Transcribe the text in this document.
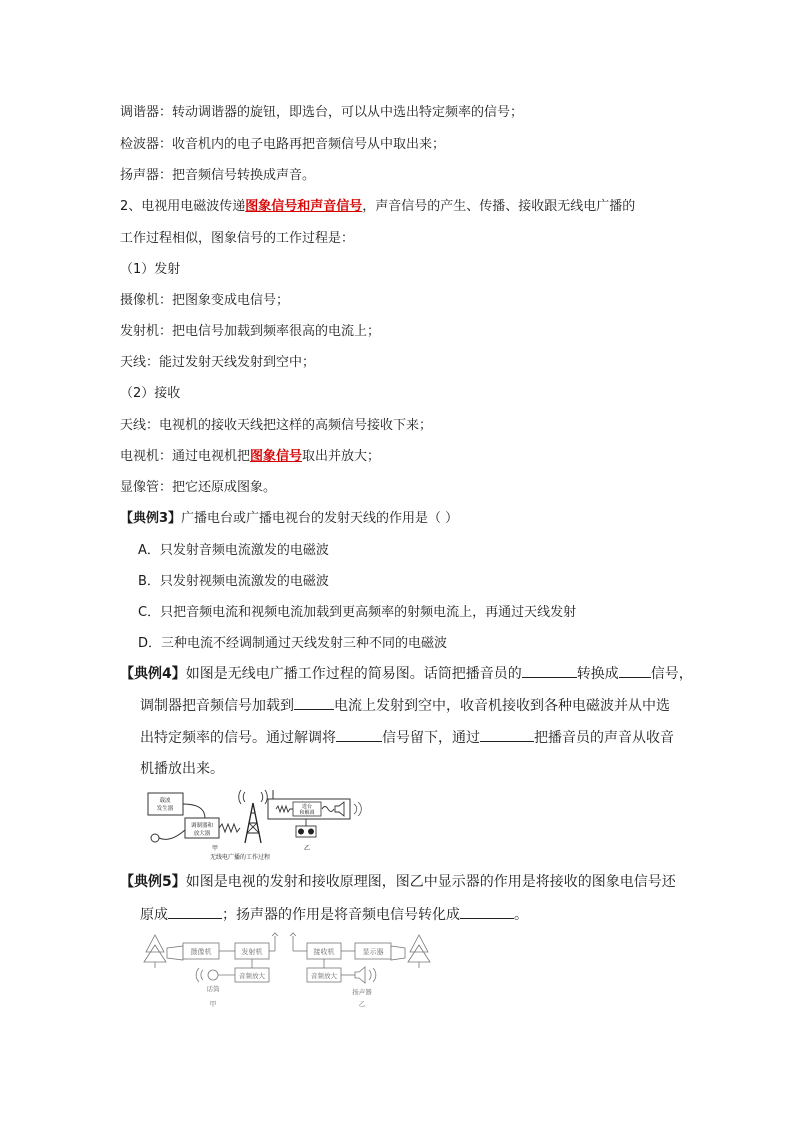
调谐器：转动调谐器的旋钮，即选台，可以从中选出特定频率的信号；
检波器：收音机内的电子电路再把音频信号从中取出来；
扬声器：把音频信号转换成声音。
2、电视用电磁波传递图象信号和声音信号，声音信号的产生、传播、接收跟无线电广播的
工作过程相似，图象信号的工作过程是：
（1）发射
摄像机：把图象变成电信号；
发射机：把电信号加载到频率很高的电流上；
天线：能过发射天线发射到空中；
（2）接收
天线：电视机的接收天线把这样的高频信号接收下来；
电视机：通过电视机把图象信号取出并放大；
显像管：把它还原成图象。
【典例3】广播电台或广播电视台的发射天线的作用是（ ）
A．只发射音频电流激发的电磁波
B．只发射视频电流激发的电磁波
C．只把音频电流和视频电流加载到更高频率的射频电流上，再通过天线发射
D．三种电流不经调制通过天线发射三种不同的电磁波
【典例4】如图是无线电广播工作过程的简易图。话筒把播音员的	转换成 信号，
调制器把音频信号加载到	电流上发射到空中，收音机接收到各种电磁波并从中选
出特定频率的信号。通过解调将	信号留下，通过	把播音员的声音从收音
机播放出来。
载波
发生器
调制器和
放大器
无线电广播的工作过程
甲
选台
和解调
乙
【典例5】如图是电视的发射和接收原理图，图乙中显示器的作用是将接收的图象电信号还
原成	；扬声器的作用是将音频电信号转化成	。
摄像机	发射机
音频放大
话筒
甲
接收机	显示器
音频放大
扬声器
乙
